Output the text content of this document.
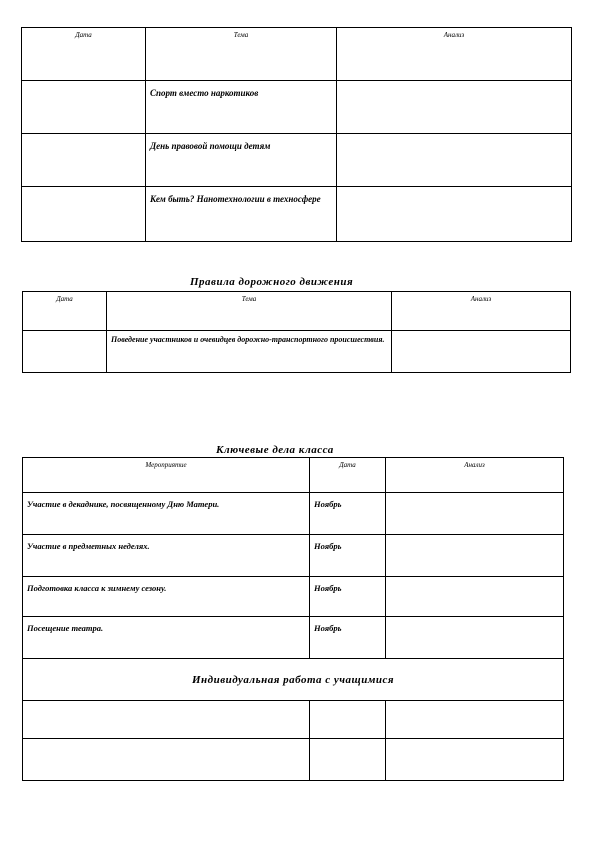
Дата	Тема	Анализ
	Спорт вместо наркотиков	
	День правовой помощи детям	
	Кем быть? Нанотехнологии в техносфере	
Правила дорожного движения
Дата	Тема	Анализ
	Поведение участников и очевидцев дорожно-транспортного происшествия.	
Ключевые дела класса
Мероприятие	Дата	Анализ
Участие в декаднике, посвященному Дню Матери.	Ноябрь	
Участие в предметных неделях.	Ноябрь	
Подготовка класса к зимнему сезону.	Ноябрь	
Посещение театра.	Ноябрь	
Индивидуальная работа с учащимися		
